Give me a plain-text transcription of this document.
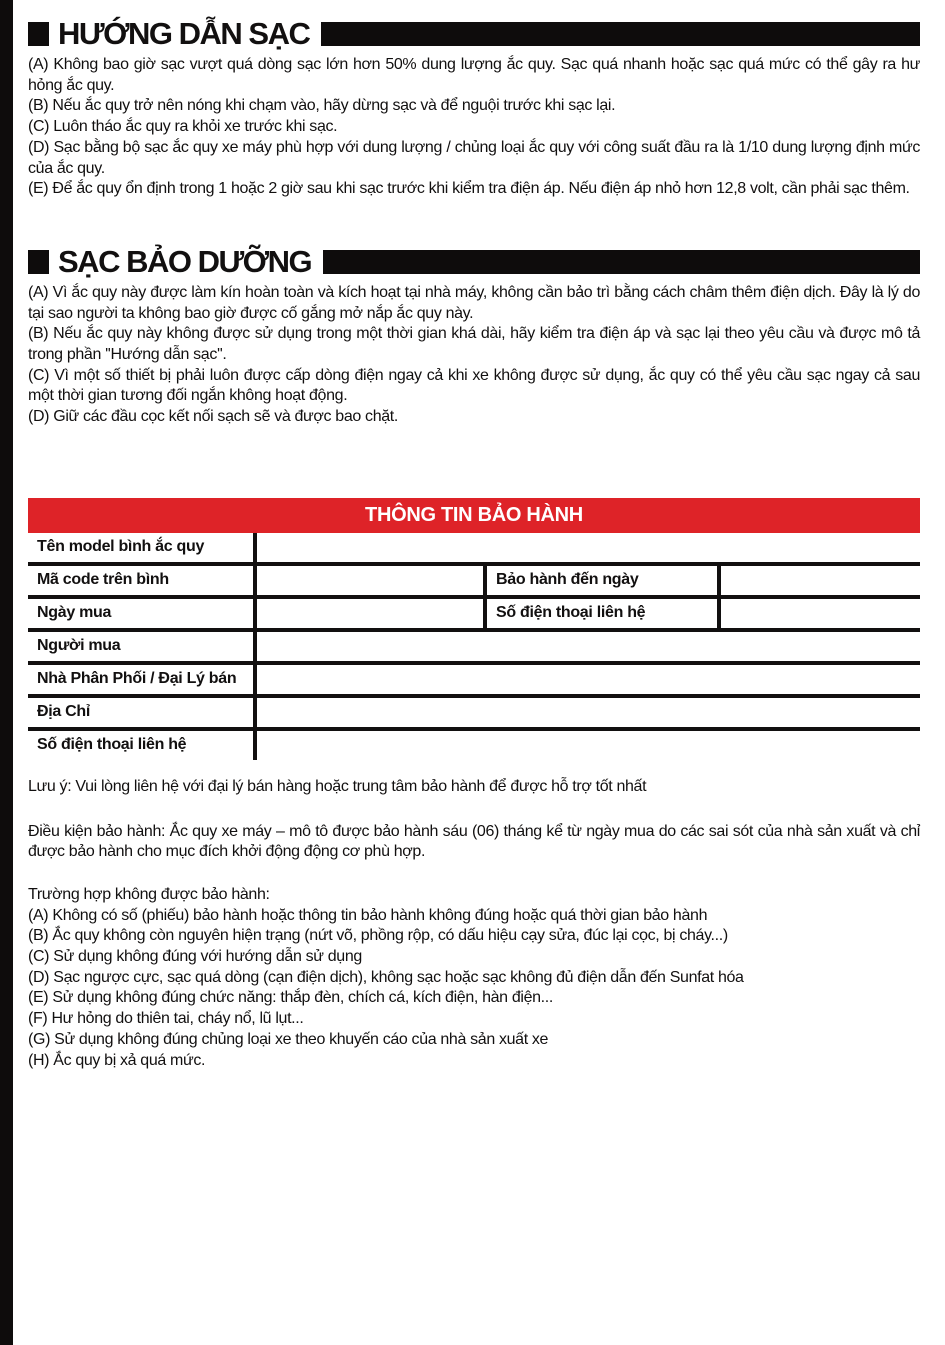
HƯỚNG DẪN SẠC

(A) Không bao giờ sạc vượt quá dòng sạc lớn hơn 50% dung lượng ắc quy. Sạc quá nhanh hoặc sạc quá mức có thể gây ra hư hỏng ắc quy.

(B) Nếu ắc quy trở nên nóng khi chạm vào, hãy dừng sạc và để nguội trước khi sạc lại.

(C) Luôn tháo ắc quy ra khỏi xe trước khi sạc.

(D) Sạc bằng bộ sạc ắc quy xe máy phù hợp với dung lượng / chủng loại ắc quy với công suất đầu ra là 1/10 dung lượng định mức của ắc quy.

(E) Để ắc quy ổn định trong 1 hoặc 2 giờ sau khi sạc trước khi kiểm tra điện áp. Nếu điện áp nhỏ hơn 12,8 volt, cần phải sạc thêm.

SẠC BẢO DƯỠNG

(A) Vì ắc quy này được làm kín hoàn toàn và kích hoạt tại nhà máy, không cần bảo trì bằng cách châm thêm điện dịch. Đây là lý do tại sao người ta không bao giờ được cố gắng mở nắp ắc quy này.

(B) Nếu ắc quy này không được sử dụng trong một thời gian khá dài, hãy kiểm tra điện áp và sạc lại theo yêu cầu và được mô tả trong phần ''Hướng dẫn sạc''.

(C) Vì một số thiết bị phải luôn được cấp dòng điện ngay cả khi xe không được sử dụng, ắc quy có thể yêu cầu sạc ngay cả sau một thời gian tương đối ngắn không hoạt động.

(D) Giữ các đầu cọc kết nối sạch sẽ và được bao chặt.

THÔNG TIN BẢO HÀNH
Tên model bình ắc quy
Mã code trên bình	Bảo hành đến ngày
Ngày mua	Số điện thoại liên hệ
Người mua
Nhà Phân Phối / Đại Lý bán
Địa Chỉ
Số điện thoại liên hệ

Lưu ý: Vui lòng liên hệ với đại lý bán hàng hoặc trung tâm bảo hành để được hỗ trợ tốt nhất

Điều kiện bảo hành: Ắc quy xe máy – mô tô được bảo hành sáu (06) tháng kể từ ngày mua do các sai sót của nhà sản xuất và chỉ được bảo hành cho mục đích khởi động động cơ phù hợp.

Trường hợp không được bảo hành:

(A) Không có số (phiếu) bảo hành hoặc thông tin bảo hành không đúng hoặc quá thời gian bảo hành

(B) Ắc quy không còn nguyên hiện trạng (nứt võ, phồng rộp, có dấu hiệu cạy sửa, đúc lại cọc, bị cháy...)

(C) Sử dụng không đúng với hướng dẫn sử dụng

(D) Sạc ngược cực, sạc quá dòng (cạn điện dịch), không sạc hoặc sạc không đủ điện dẫn đến Sunfat hóa

(E) Sử dụng không đúng chức năng: thắp đèn, chích cá, kích điện, hàn điện...

(F) Hư hỏng do thiên tai, cháy nổ, lũ lụt...

(G) Sử dụng không đúng chủng loại xe theo khuyến cáo của nhà sản xuất xe

(H) Ắc quy bị xả quá mức.
